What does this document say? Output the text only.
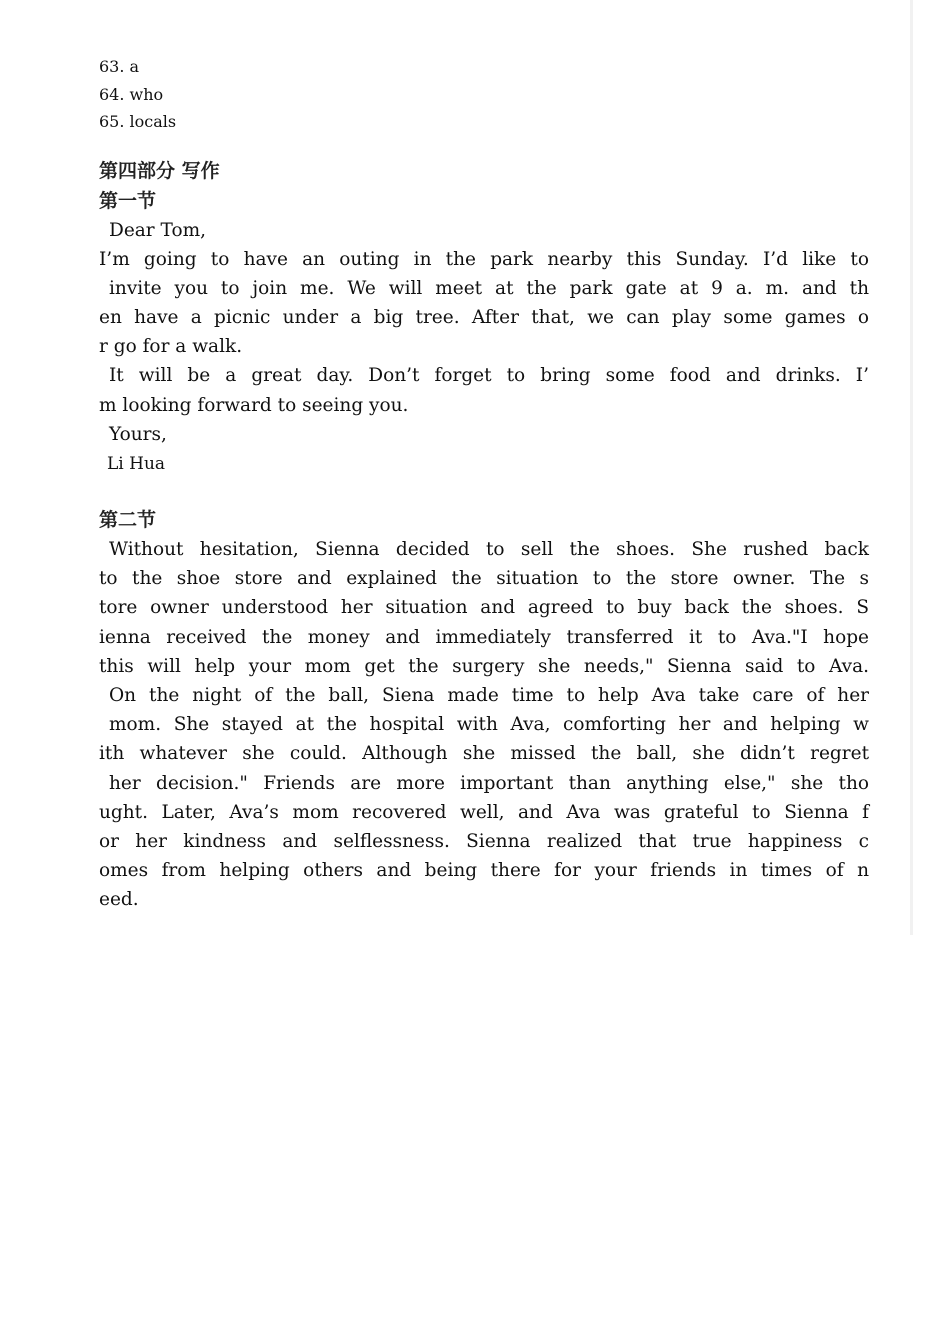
63. a
64. who
65. locals
第四部分 写作
第一节
Dear Tom,
I’m going to have an outing in the park nearby this Sunday. I’d like to
invite you to join me. We will meet at the park gate at 9 a. m. and th
en have a picnic under a big tree. After that, we can play some games o
r go for a walk.
It will be a great day. Don’t forget to bring some food and drinks. I’
m looking forward to seeing you.
Yours,
Li Hua
第二节
Without hesitation, Sienna decided to sell the shoes. She rushed back
to the shoe store and explained the situation to the store owner. The s
tore owner understood her situation and agreed to buy back the shoes. S
ienna received the money and immediately transferred it to Ava."I hope
this will help your mom get the surgery she needs," Sienna said to Ava.
On the night of the ball, Siena made time to help Ava take care of her
mom. She stayed at the hospital with Ava, comforting her and helping w
ith whatever she could. Although she missed the ball, she didn’t regret
her decision." Friends are more important than anything else," she tho
ught. Later, Ava’s mom recovered well, and Ava was grateful to Sienna f
or her kindness and selflessness. Sienna realized that true happiness c
omes from helping others and being there for your friends in times of n
eed.
